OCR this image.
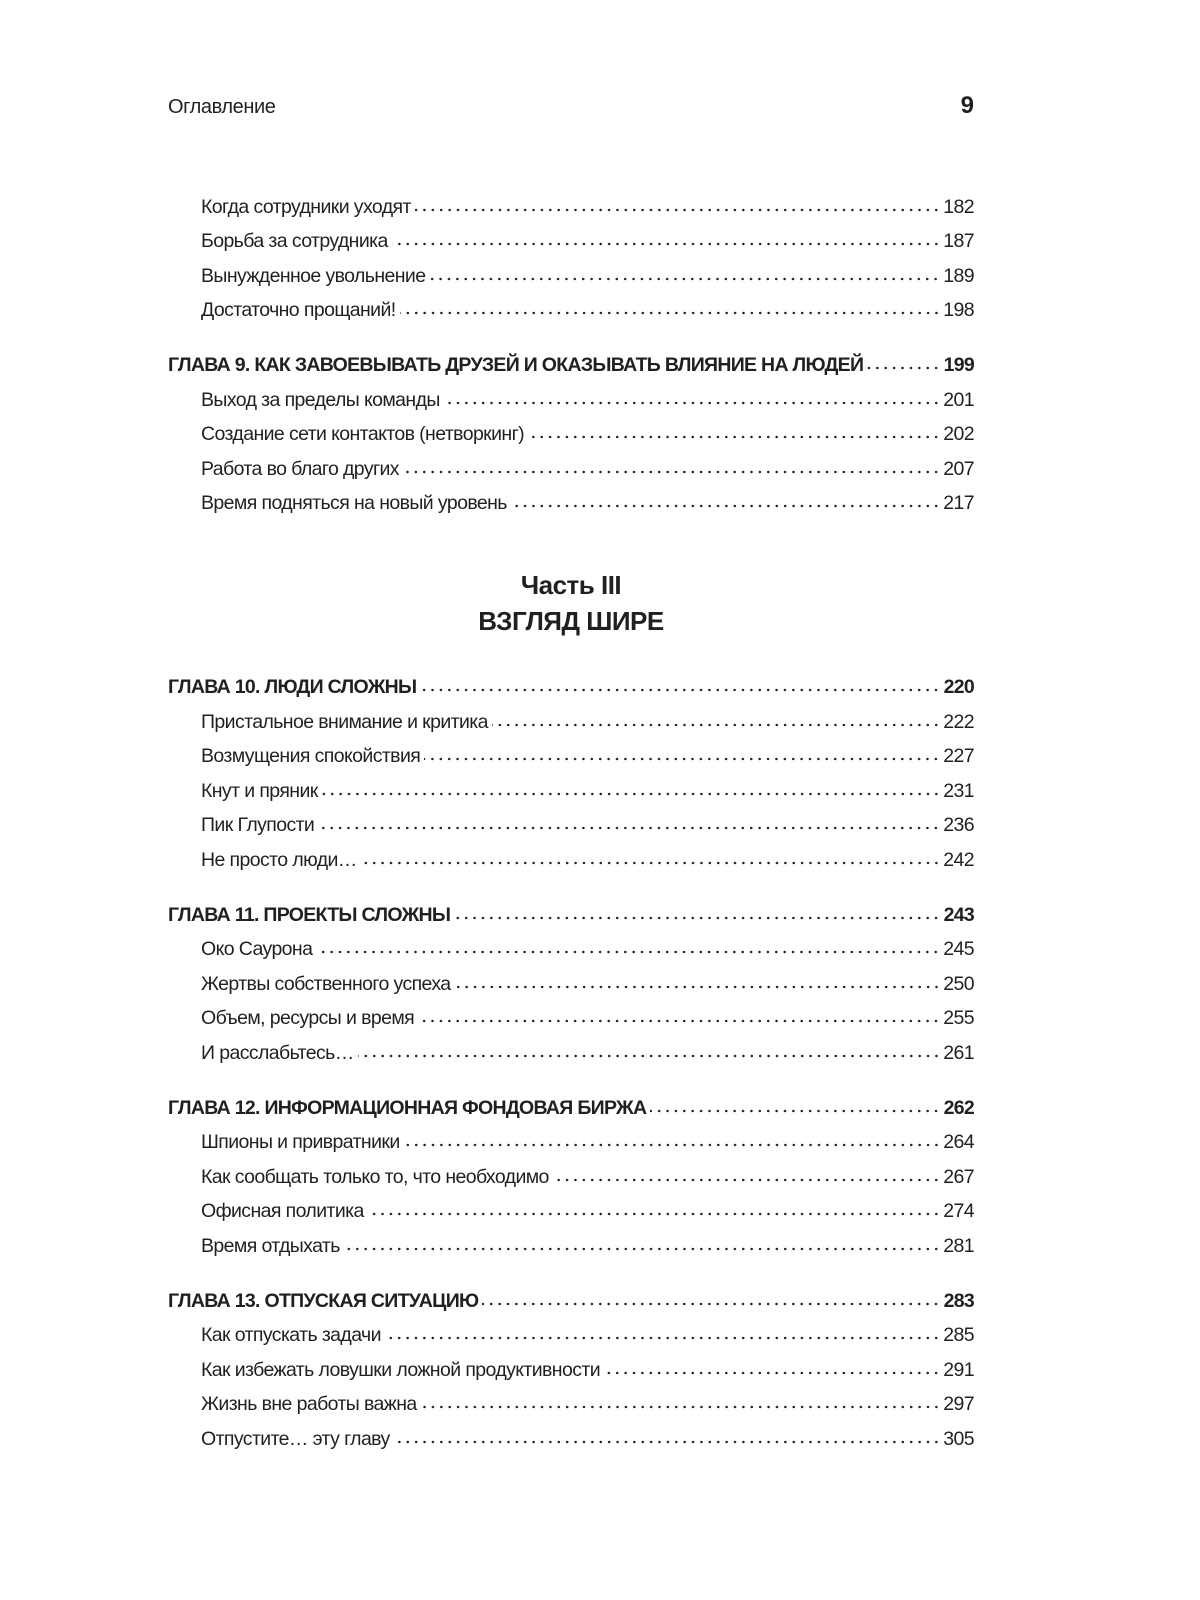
Оглавление	9
Когда сотрудники уходят	182
Борьба за сотрудника	187
Вынужденное увольнение	189
Достаточно прощаний!	198
ГЛАВА 9. КАК ЗАВОЕВЫВАТЬ ДРУЗЕЙ И ОКАЗЫВАТЬ ВЛИЯНИЕ НА ЛЮДЕЙ	199
Выход за пределы команды	201
Создание сети контактов (нетворкинг)	202
Работа во благо других	207
Время подняться на новый уровень	217
Часть III
ВЗГЛЯД ШИРЕ
ГЛАВА 10. ЛЮДИ СЛОЖНЫ	220
Пристальное внимание и критика	222
Возмущения спокойствия	227
Кнут и пряник	231
Пик Глупости	236
Не просто люди…	242
ГЛАВА 11. ПРОЕКТЫ СЛОЖНЫ	243
Око Саурона	245
Жертвы собственного успеха	250
Объем, ресурсы и время	255
И расслабьтесь…	261
ГЛАВА 12. ИНФОРМАЦИОННАЯ ФОНДОВАЯ БИРЖА	262
Шпионы и привратники	264
Как сообщать только то, что необходимо	267
Офисная политика	274
Время отдыхать	281
ГЛАВА 13. ОТПУСКАЯ СИТУАЦИЮ	283
Как отпускать задачи	285
Как избежать ловушки ложной продуктивности	291
Жизнь вне работы важна	297
Отпустите… эту главу	305
